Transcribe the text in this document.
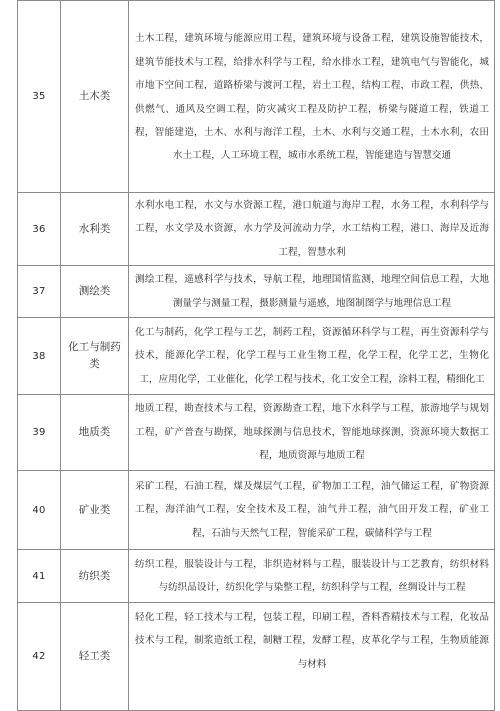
35	土木类	土木工程，建筑环境与能源应用工程，建筑环境与设备工程，建筑设施智能技术，建筑节能技术与工程，给排水科学与工程，给水排水工程，建筑电气与智能化，城市地下空间工程，道路桥梁与渡河工程，岩土工程，结构工程，市政工程，供热、供燃气、通风及空调工程，防灾减灾工程及防护工程，桥梁与隧道工程，铁道工程，智能建造，土木、水利与海洋工程，土木、水利与交通工程，土木水利，农田水土工程，人工环境工程，城市水系统工程，智能建造与智慧交通
36	水利类	水利水电工程，水文与水资源工程，港口航道与海岸工程，水务工程，水利科学与工程，水文学及水资源，水力学及河流动力学，水工结构工程，港口、海岸及近海工程，智慧水利
37	测绘类	测绘工程，遥感科学与技术，导航工程，地理国情监测，地理空间信息工程，大地测量学与测量工程，摄影测量与遥感，地图制图学与地理信息工程
38	化工与制药类	化工与制药，化学工程与工艺，制药工程，资源循环科学与工程，再生资源科学与技术，能源化学工程，化学工程与工业生物工程，化学工程，化学工艺，生物化工，应用化学，工业催化，化学工程与技术，化工安全工程，涂料工程，精细化工
39	地质类	地质工程，勘查技术与工程，资源勘查工程，地下水科学与工程，旅游地学与规划工程，矿产普查与勘探，地球探测与信息技术，智能地球探测，资源环境大数据工程，地质资源与地质工程
40	矿业类	采矿工程，石油工程，煤及煤层气工程，矿物加工工程，油气储运工程，矿物资源工程，海洋油气工程，安全技术及工程，油气井工程，油气田开发工程，矿业工程，石油与天然气工程，智能采矿工程，碳储科学与工程
41	纺织类	纺织工程，服装设计与工程，非织造材料与工程，服装设计与工艺教育，纺织材料与纺织品设计，纺织化学与染整工程，纺织科学与工程，丝绸设计与工程
42	轻工类	轻化工程，轻工技术与工程，包装工程，印刷工程，香料香精技术与工程，化妆品技术与工程，制浆造纸工程，制糖工程，发酵工程，皮革化学与工程，生物质能源与材料
